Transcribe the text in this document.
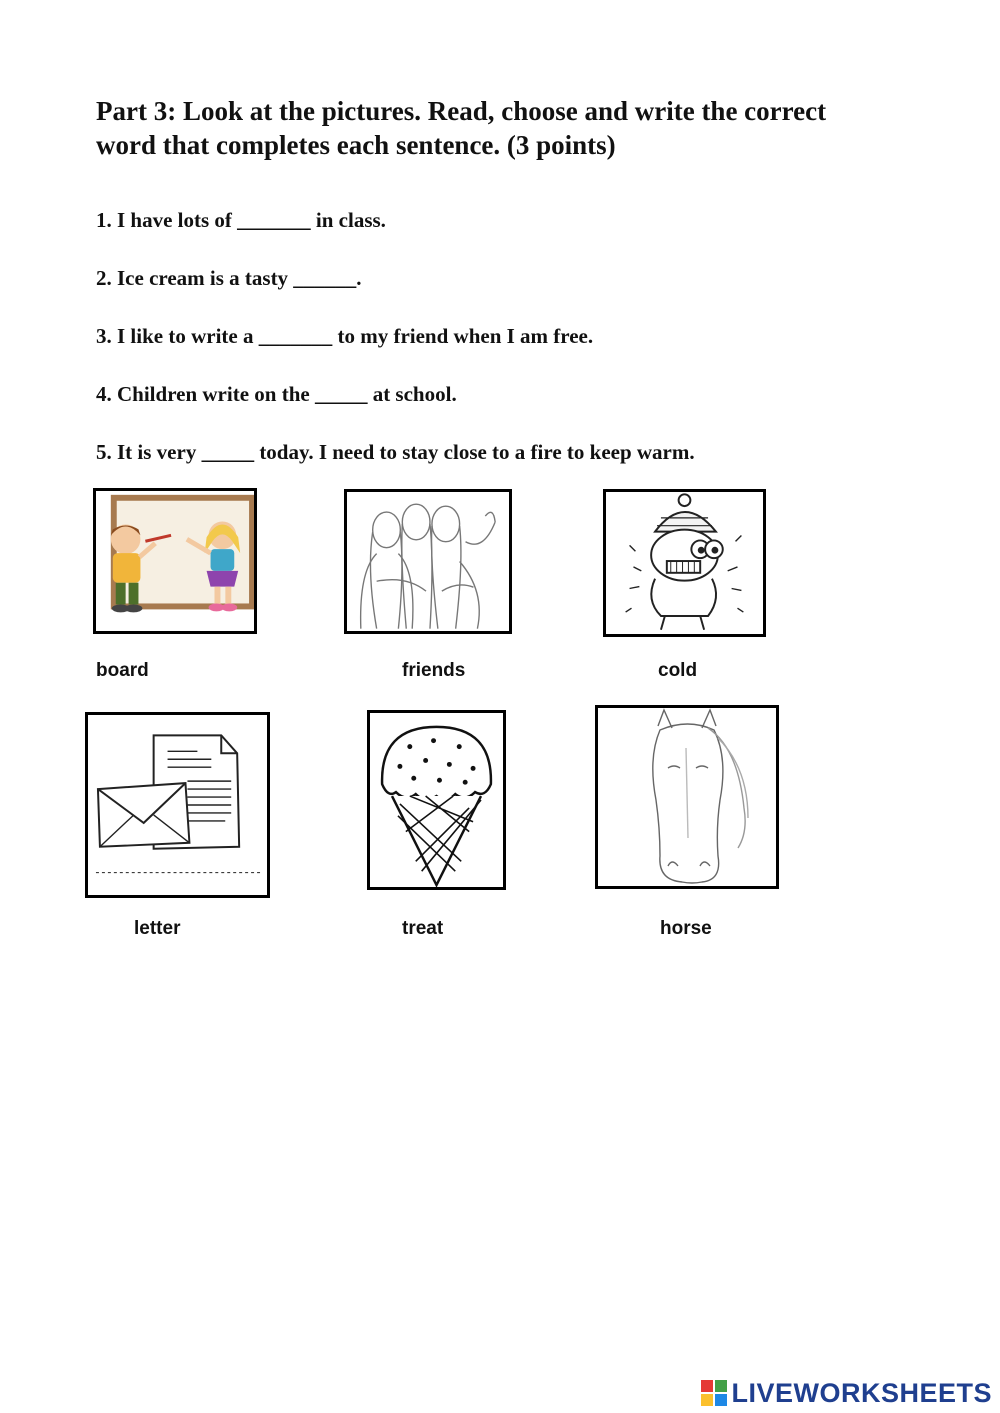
Part 3: Look at the pictures. Read, choose and write the correct word that completes each sentence. (3 points)
1. I have lots of _______ in class.
2. Ice cream is a tasty ______.
3. I like to write a _______ to my friend when I am free.
4. Children write on the _____ at school.
5. It is very _____ today. I need to stay close to a fire to keep warm.
board	friends	cold
letter	treat	horse
LIVEWORKSHEETS
